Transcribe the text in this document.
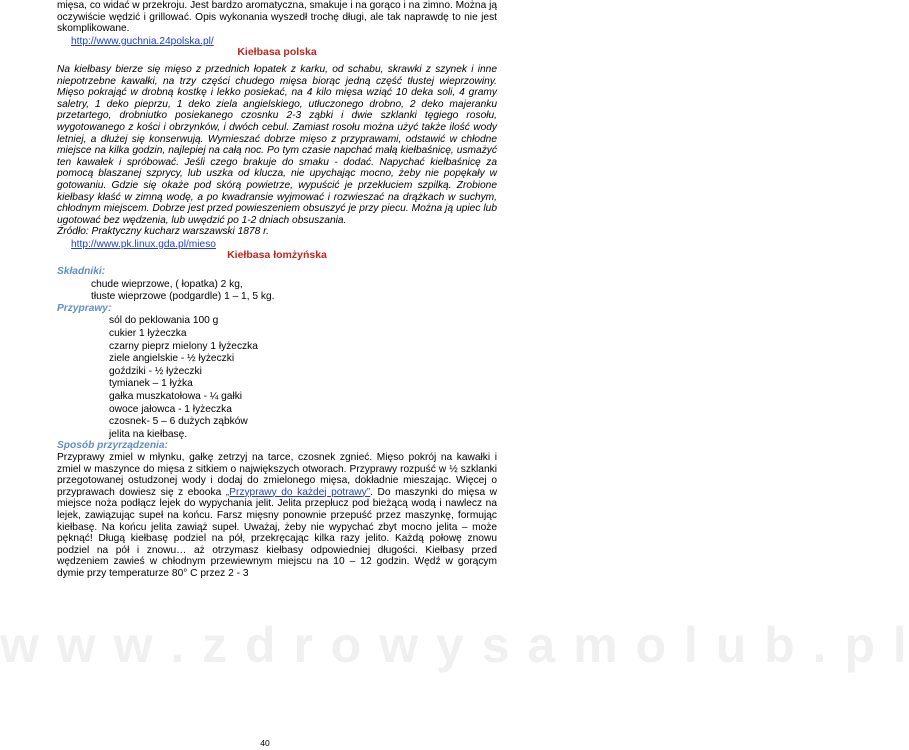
mięsa, co widać w przekroju. Jest bardzo aromatyczna, smakuje i na gorąco i na zimno. Można ją oczywiście wędzić i grillować. Opis wykonania wyszedł trochę długi, ale tak naprawdę to nie jest skomplikowane.

http://www.guchnia.24polska.pl/
Kiełbasa polska

Na kiełbasy bierze się mięso z przednich łopatek z karku, od schabu, skrawki z szynek i inne niepotrzebne kawałki, na trzy części chudego mięsa biorąc jedną część tłustej wieprzowiny. Mięso pokrająć w drobną kostkę i lekko posiekać, na 4 kilo mięsa wziąć 10 deka soli, 4 gramy saletry, 1 deko pieprzu, 1 deko ziela angielskiego, utłuczonego drobno, 2 deko majeranku przetartego, drobniutko posiekanego czosnku 2-3 ząbki i dwie szklanki tęgiego rosołu, wygotowanego z kości i obrzynków, i dwóch cebul. Zamiast rosołu można użyć także ilość wody letniej, a dłużej się konserwują. Wymieszać dobrze mięso z przyprawami, odstawić w chłodne miejsce na kilka godzin, najlepiej na całą noc. Po tym czasie napchać małą kiełbaśnicę, usmażyć ten kawałek i spróbować. Jeśli czego brakuje do smaku - dodać. Napychać kiełbaśnicę za pomocą blaszanej szprycy, lub uszka od klucza, nie upychając mocno, żeby nie popękały w gotowaniu. Gdzie się okaże pod skórą powietrze, wypuścić je przekłuciem szpilką. Zrobione kiełbasy kłaść w zimną wodę, a po kwadransie wyjmować i rozwieszać na drążkach w suchym, chłodnym miejscem. Dobrze jest przed powieszeniem obsuszyć je przy piecu. Można ją upiec lub ugotować bez wędzenia, lub uwędzić po 1-2 dniach obsuszania.

Źródło: Praktyczny kucharz warszawski 1878 r.

http://www.pk.linux.gda.pl/mieso
Kiełbasa łomżyńska

Składniki:

chude wieprzowe, ( łopatka) 2 kg,
tłuste wieprzowe (podgardle) 1 – 1, 5 kg.

Przyprawy:

sól do peklowania 100 g
cukier 1 łyżeczka
czarny pieprz mielony 1 łyżeczka
ziele angielskie - ½ łyżeczki
goździki - ½ łyżeczki
tymianek – 1 łyżka
gałka muszkatołowa - ¼ gałki
owoce jałowca - 1 łyżeczka
czosnek- 5 – 6 dużych ząbków
jelita na kiełbasę.

Sposób przyrządzenia:

Przyprawy zmiel w młynku, gałkę zetrzyj na tarce, czosnek zgnieć. Mięso pokrój na kawałki i zmiel w maszynce do mięsa z sitkiem o największych otworach. Przyprawy rozpuść w ½ szklanki przegotowanej ostudzonej wody i dodaj do zmielonego mięsa, dokładnie mieszając. Więcej o przyprawach dowiesz się z ebooka „Przyprawy do każdej potrawy”. Do maszynki do mięsa w miejsce noża podłącz lejek do wypychania jelit. Jelita przepłucz pod bieżącą wodą i nawlecz na lejek, zawiązując supeł na końcu. Farsz mięsny ponownie przepuść przez maszynkę, formując kiełbasę. Na końcu jelita zawiąż supeł. Uważaj, żeby nie wypychać zbyt mocno jelita – może pęknąć! Długą kiełbasę podziel na pół, przekręcając kilka razy jelito. Każdą połowę znowu podziel na pół i znowu… aż otrzymasz kiełbasy odpowiedniej długości. Kiełbasy przed wędzeniem zawieś w chłodnym przewiewnym miejscu na 10 – 12 godzin. Wędź w gorącym dymie przy temperaturze 80° C przez 2 - 3

w w w . z d r o w y s a m o l u b . p l
40
